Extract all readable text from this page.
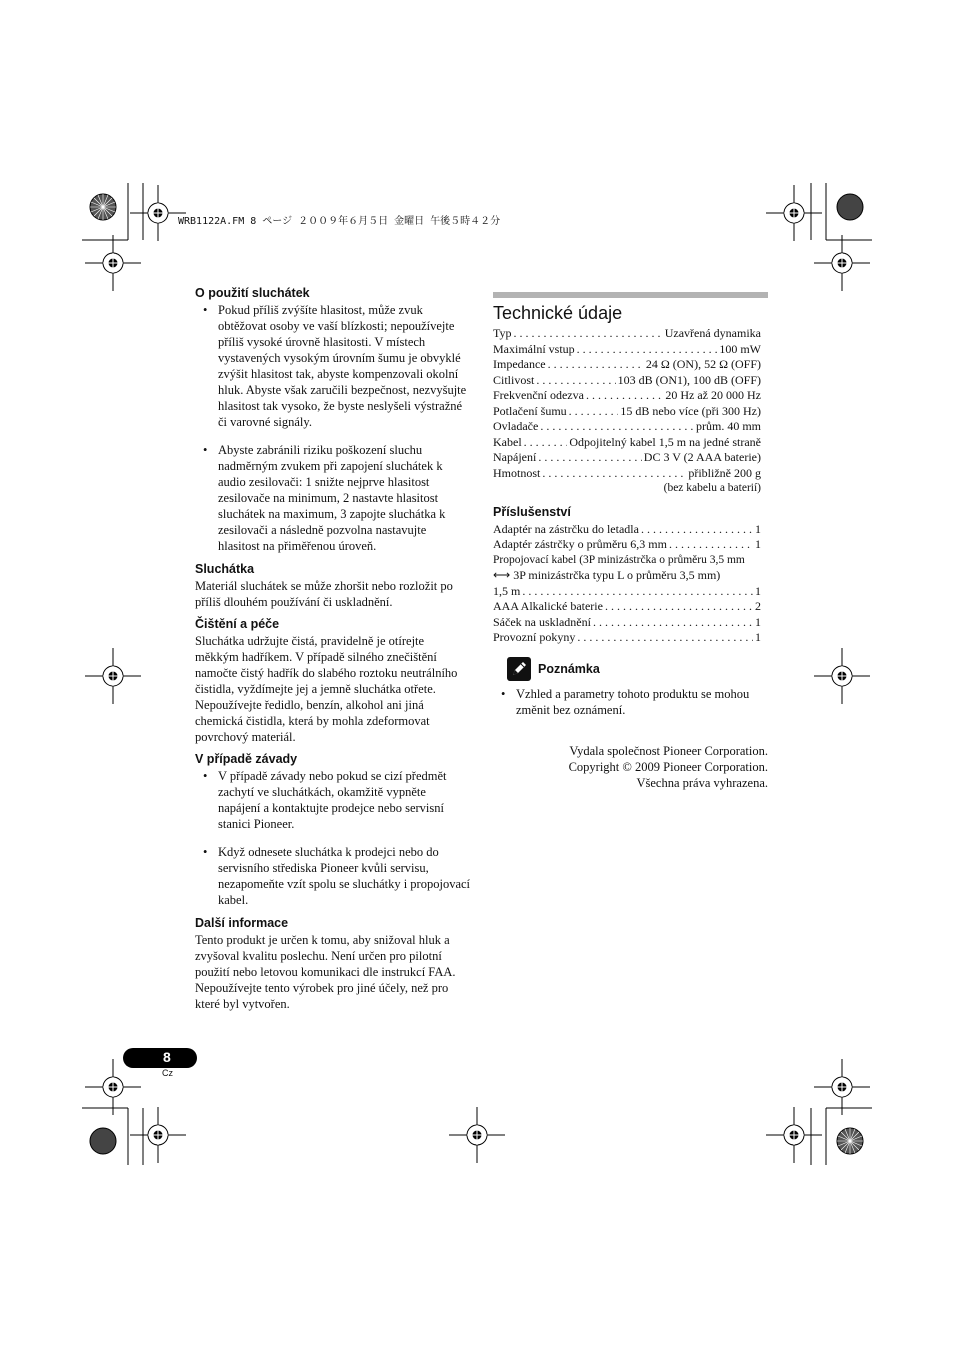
WRB1122A.FM 8 ページ ２００９年６月５日 金曜日 午後５時４２分
O použití sluchátek
• Pokud příliš zvýšíte hlasitost, může zvuk obtěžovat osoby ve vaší blízkosti; nepoužívejte příliš vysoké úrovně hlasitosti. V místech vystavených vysokým úrovním šumu je obvyklé zvýšit hlasitost tak, abyste kompenzovali okolní hluk. Abyste však zaručili bezpečnost, nezvyšujte hlasitost tak vysoko, že byste neslyšeli výstražné či varovné signály.
• Abyste zabránili riziku poškození sluchu nadměrným zvukem při zapojení sluchátek k audio zesilovači: 1 snižte nejprve hlasitost zesilovače na minimum, 2 nastavte hlasitost sluchátek na maximum, 3 zapojte sluchátka k zesilovači a následně pozvolna nastavujte hlasitost na přiměřenou úroveň.
Sluchátka
Materiál sluchátek se může zhoršit nebo rozložit po příliš dlouhém používání či uskladnění.
Čištění a péče
Sluchátka udržujte čistá, pravidelně je otírejte měkkým hadříkem. V případě silného znečištění namočte čistý hadřík do slabého roztoku neutrálního čistidla, vyždímejte jej a jemně sluchátka otřete. Nepoužívejte ředidlo, benzín, alkohol ani jiná chemická čistidla, která by mohla zdeformovat povrchový materiál.
V případě závady
• V případě závady nebo pokud se cizí předmět zachytí ve sluchátkách, okamžitě vypněte napájení a kontaktujte prodejce nebo servisní stanici Pioneer.
• Když odnesete sluchátka k prodejci nebo do servisního střediska Pioneer kvůli servisu, nezapomeňte vzít spolu se sluchátky i propojovací kabel.
Další informace
Tento produkt je určen k tomu, aby snižoval hluk a zvyšoval kvalitu poslechu. Není určen pro pilotní použití nebo letovou komunikaci dle instrukcí FAA. Nepoužívejte tento výrobek pro jiné účely, než pro které byl vytvořen.
Technické údaje
Typ . . .	Uzavřená dynamika
Maximální vstup . . .	100 mW
Impedance . . .	24 Ω (ON), 52 Ω (OFF)
Citlivost . . .	103 dB (ON1), 100 dB (OFF)
Frekvenční odezva . . .	20 Hz až 20 000 Hz
Potlačení šumu . . .	15 dB nebo více (při 300 Hz)
Ovladače . . .	prům. 40 mm
Kabel . . .	Odpojitelný kabel 1,5 m na jedné straně
Napájení . . .	DC 3 V (2 AAA baterie)
Hmotnost . . .	přibližně 200 g
(bez kabelu a baterií)
Příslušenství
Adaptér na zástrčku do letadla . . .	1
Adaptér zástrčky o průměru 6,3 mm . . .	1
Propojovací kabel (3P minizástrčka o průměru 3,5 mm
⟷ 3P minizástrčka typu L o průměru 3,5 mm)
1,5 m . . .	1
AAA Alkalické baterie . . .	2
Sáček na uskladnění . . .	1
Provozní pokyny . . .	1
Poznámka
• Vzhled a parametry tohoto produktu se mohou změnit bez oznámení.
Vydala společnost Pioneer Corporation.
Copyright © 2009 Pioneer Corporation.
Všechna práva vyhrazena.
8
Cz
